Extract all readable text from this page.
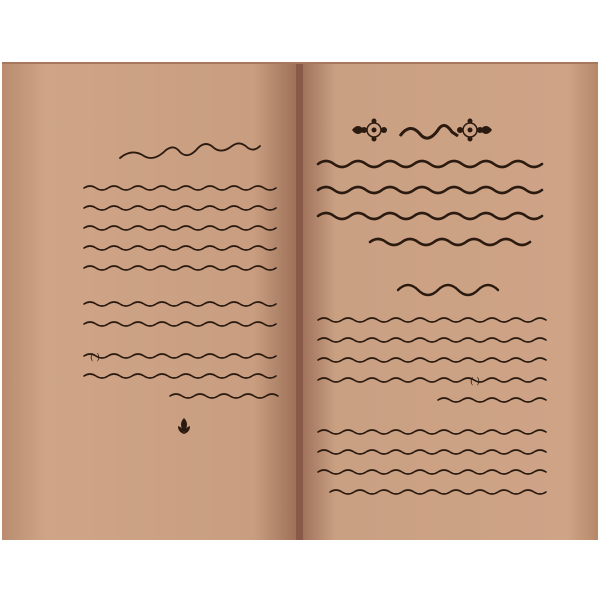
( )
( )
